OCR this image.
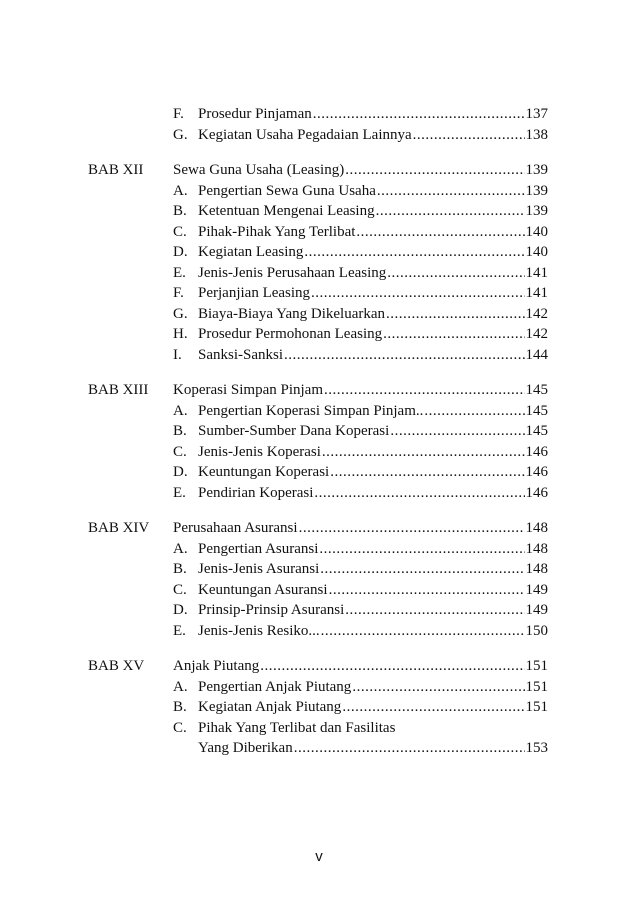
F. Prosedur Pinjaman .....	137
G. Kegiatan Usaha Pegadaian Lainnya .....	138
BAB XII Sewa Guna Usaha (Leasing) .....	139
A. Pengertian Sewa Guna Usaha .....	139
B. Ketentuan Mengenai Leasing .....	139
C. Pihak-Pihak Yang Terlibat .....	140
D. Kegiatan Leasing .....	140
E. Jenis-Jenis Perusahaan Leasing .....	141
F. Perjanjian Leasing .....	141
G. Biaya-Biaya Yang Dikeluarkan .....	142
H. Prosedur Permohonan Leasing .....	142
I.	Sanksi-Sanksi .....	144
BAB XIII Koperasi Simpan Pinjam .....	145
A. Pengertian Koperasi Simpan Pinjam.. .....	145
B. Sumber-Sumber Dana Koperasi .....	145
C. Jenis-Jenis Koperasi .....	146
D. Keuntungan Koperasi .....	146
E. Pendirian Koperasi .....	146
BAB XIV Perusahaan Asuransi .....	148
A. Pengertian Asuransi .....	148
B. Jenis-Jenis Asuransi .....	148
C. Keuntungan Asuransi .....	149
D. Prinsip-Prinsip Asuransi .....	149
E. Jenis-Jenis Resiko... .....	150
BAB XV Anjak Piutang .....	151
A. Pengertian Anjak Piutang .....	151
B. Kegiatan Anjak Piutang .....	151
C. Pihak Yang Terlibat dan Fasilitas
Yang Diberikan .....	153
v
